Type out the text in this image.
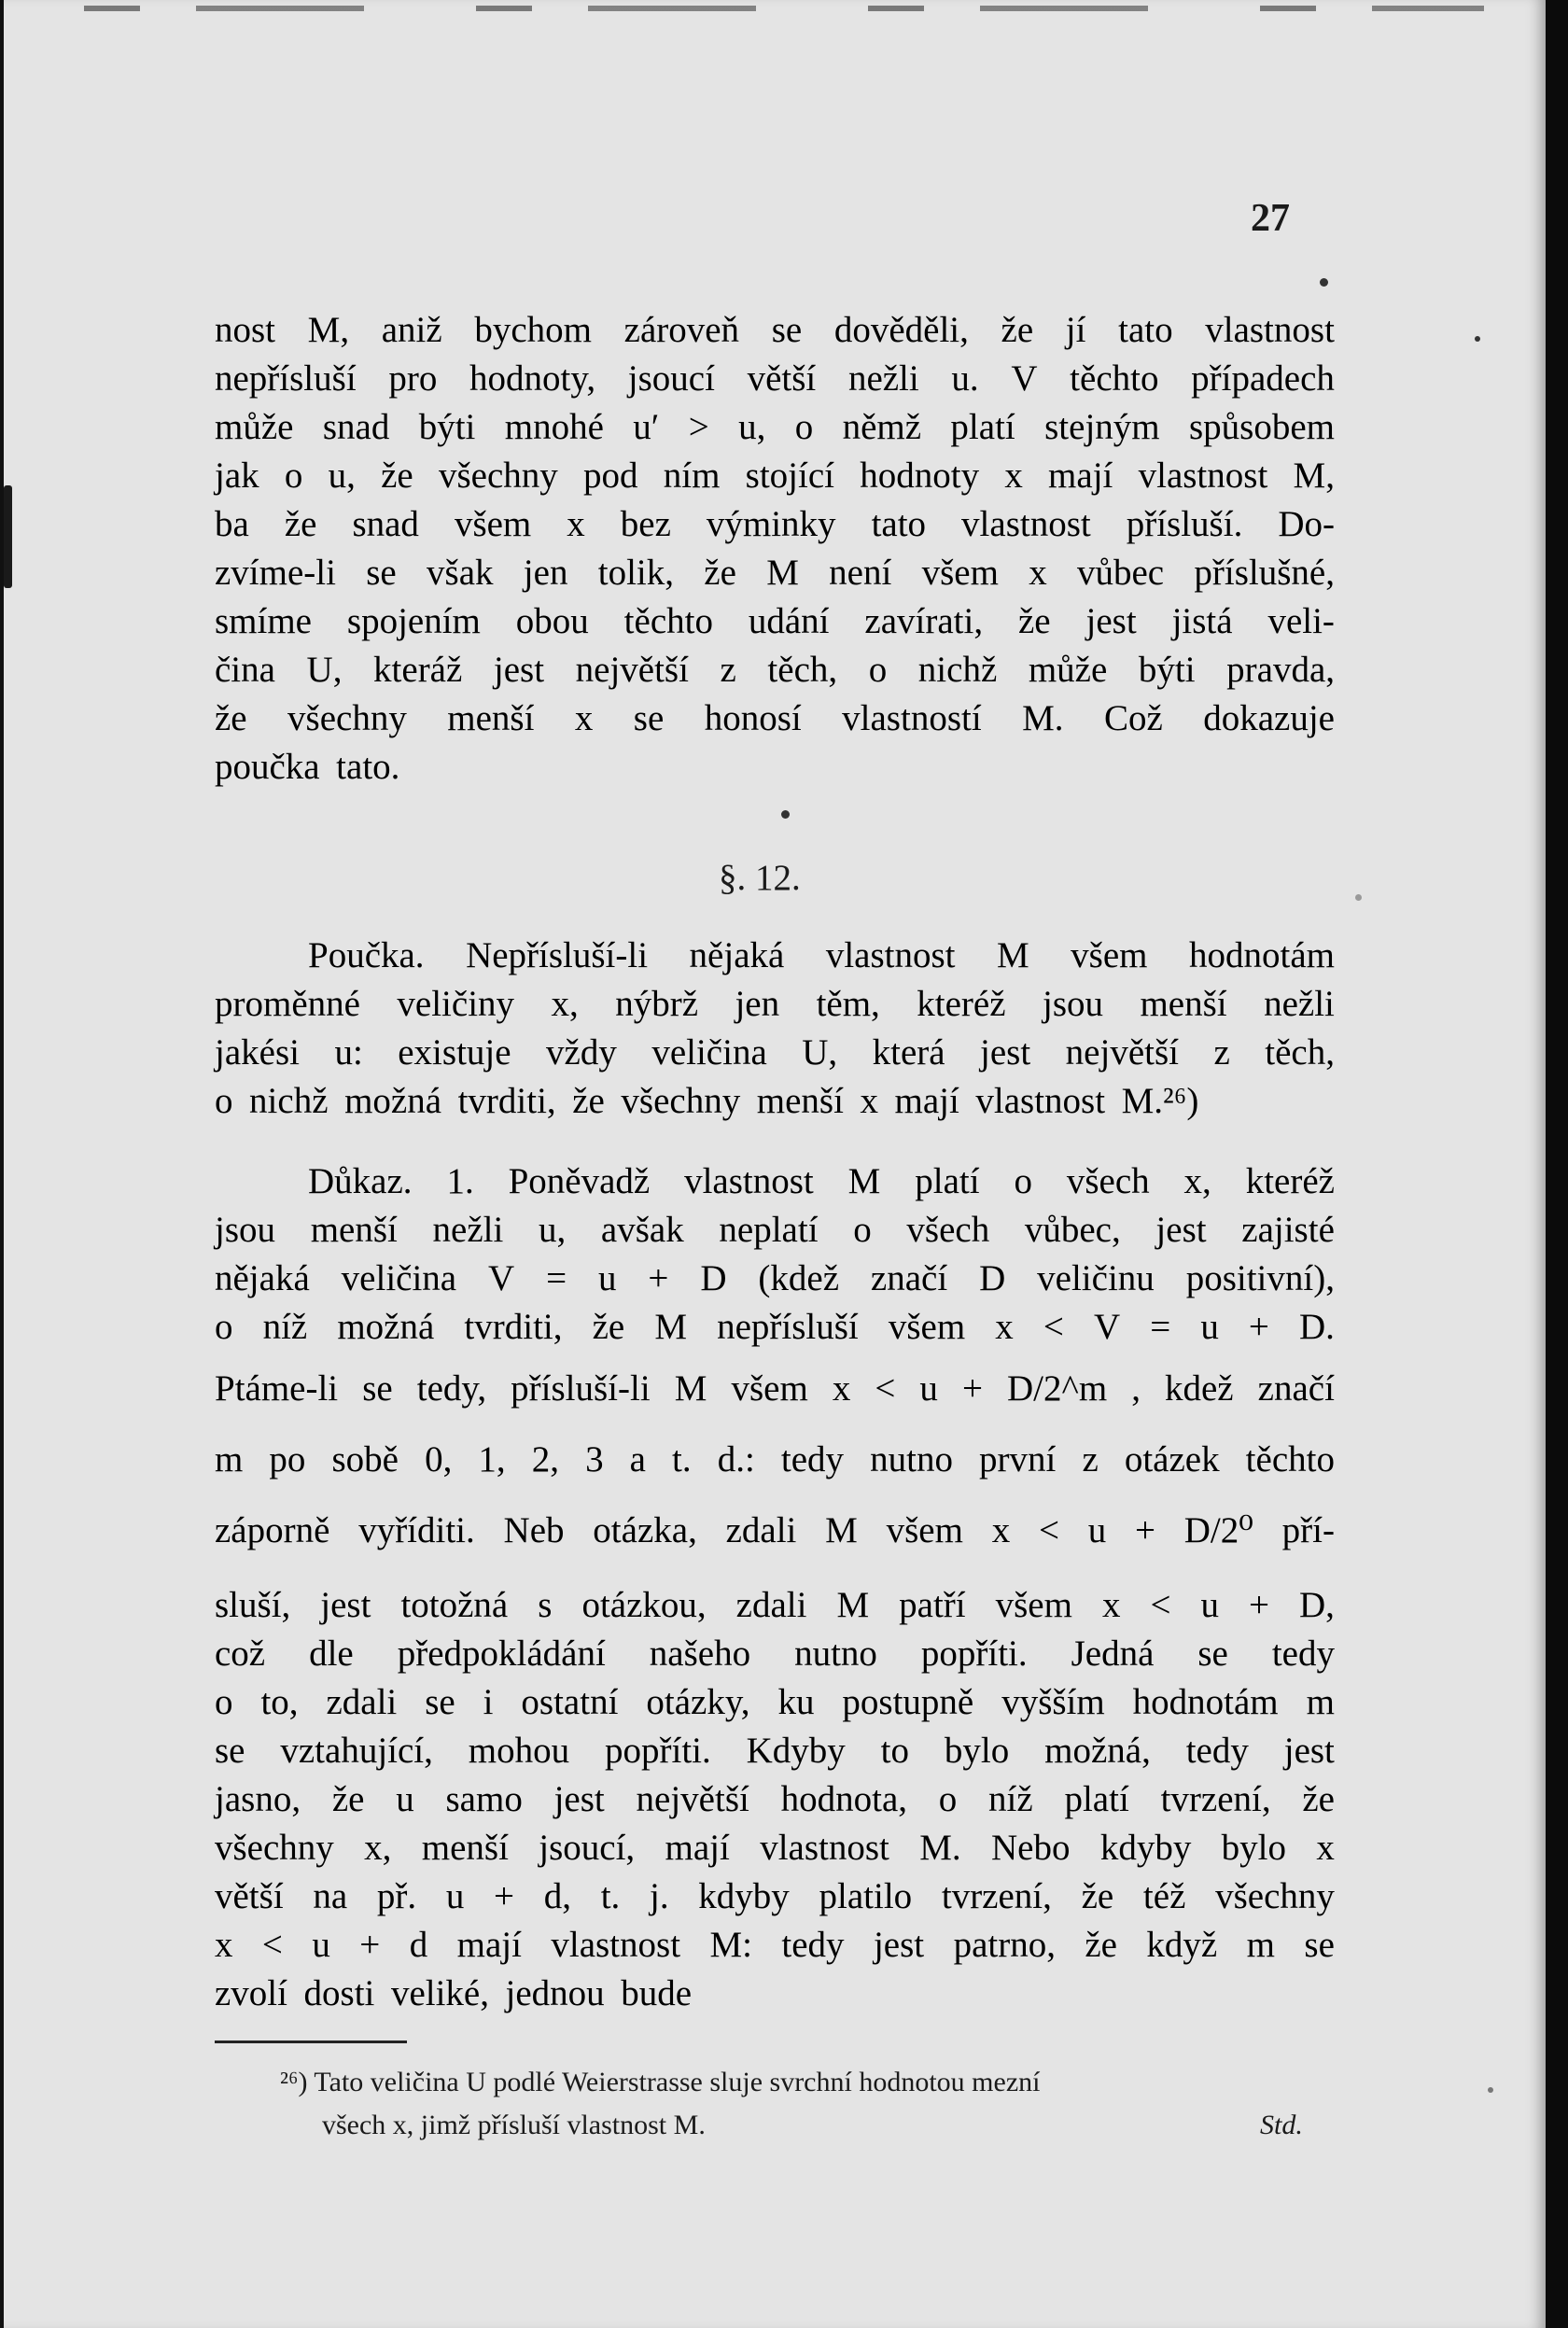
27
nost M, aniž bychom zároveň se dověděli, že jí tato vlastnost
nepřísluší pro hodnoty, jsoucí větší nežli u. V těchto případech
může snad býti mnohé u′ > u, o němž platí stejným spůsobem
jak o u, že všechny pod ním stojící hodnoty x mají vlastnost M,
ba že snad všem x bez výminky tato vlastnost přísluší. Do-
zvíme-li se však jen tolik, že M není všem x vůbec příslušné,
smíme spojením obou těchto udání zavírati, že jest jistá veli-
čina U, kteráž jest největší z těch, o nichž může býti pravda,
že všechny menší x se honosí vlastností M. Což dokazuje
poučka tato.
Poučka. Nepřísluší-li nějaká vlastnost M všem hodnotám
proměnné veličiny x, nýbrž jen těm, kteréž jsou menší nežli
jakési u: existuje vždy veličina U, která jest největší z těch,
o nichž možná tvrditi, že všechny menší x mají vlastnost M.²⁶)
Důkaz. 1. Poněvadž vlastnost M platí o všech x, kteréž
jsou menší nežli u, avšak neplatí o všech vůbec, jest zajisté
nějaká veličina V = u + D (kdež značí D veličinu positivní),
o níž možná tvrditi, že M nepřísluší všem x < V = u + D.
Ptáme-li se tedy, přísluší-li M všem x < u + D/2^m , kdež značí
m po sobě 0, 1, 2, 3 a t. d.: tedy nutno první z otázek těchto
záporně vyříditi. Neb otázka, zdali M všem x < u + D/2⁰ pří-
sluší, jest totožná s otázkou, zdali M patří všem x < u + D,
což dle předpokládání našeho nutno popříti. Jedná se tedy
o to, zdali se i ostatní otázky, ku postupně vyšším hodnotám m
se vztahující, mohou popříti. Kdyby to bylo možná, tedy jest
jasno, že u samo jest největší hodnota, o níž platí tvrzení, že
všechny x, menší jsoucí, mají vlastnost M. Nebo kdyby bylo x
větší na př. u + d, t. j. kdyby platilo tvrzení, že též všechny
x < u + d mají vlastnost M: tedy jest patrno, že když m se
zvolí dosti veliké, jednou bude
§. 12.
²⁶) Tato veličina U podlé Weierstrasse sluje svrchní hodnotou mezní
všech x, jimž přísluší vlastnost M.	Std.
